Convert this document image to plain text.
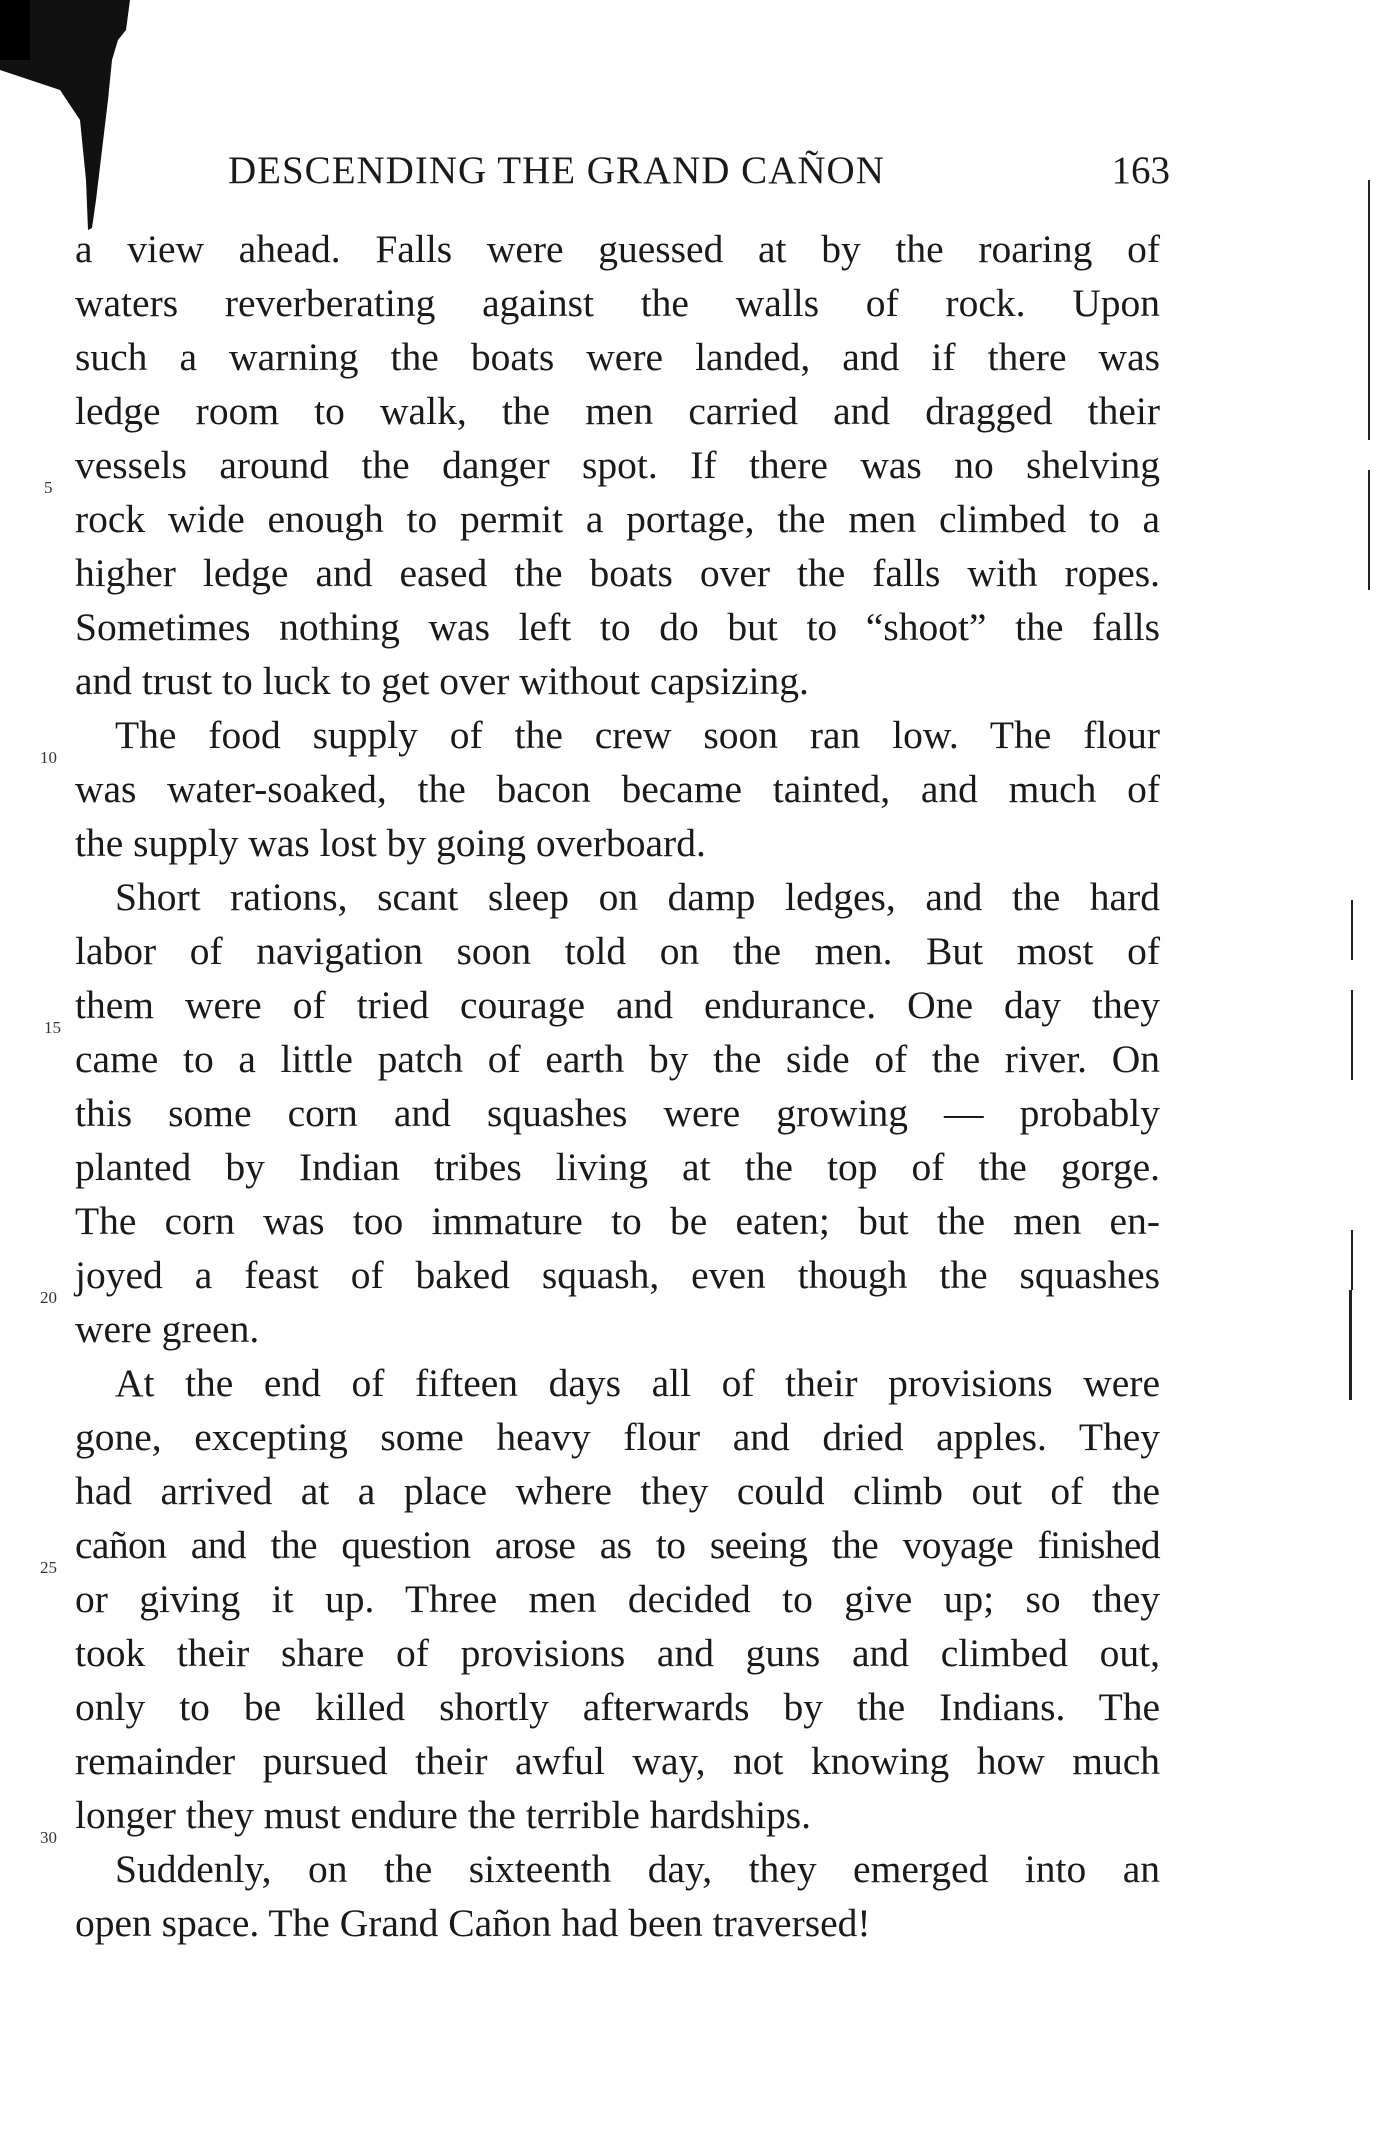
DESCENDING THE GRAND CAÑON	163
5
10
15
20
25
30
a view ahead. Falls were guessed at by the roaring of
waters reverberating against the walls of rock. Upon
such a warning the boats were landed, and if there was
ledge room to walk, the men carried and dragged their
vessels around the danger spot. If there was no shelving
rock wide enough to permit a portage, the men climbed to a
higher ledge and eased the boats over the falls with ropes.
Sometimes nothing was left to do but to “shoot” the falls
and trust to luck to get over without capsizing.
The food supply of the crew soon ran low. The flour
was water-soaked, the bacon became tainted, and much of
the supply was lost by going overboard.
Short rations, scant sleep on damp ledges, and the hard
labor of navigation soon told on the men. But most of
them were of tried courage and endurance. One day they
came to a little patch of earth by the side of the river. On
this some corn and squashes were growing — probably
planted by Indian tribes living at the top of the gorge.
The corn was too immature to be eaten; but the men en-
joyed a feast of baked squash, even though the squashes
were green.
At the end of fifteen days all of their provisions were
gone, excepting some heavy flour and dried apples. They
had arrived at a place where they could climb out of the
cañon and the question arose as to seeing the voyage finished
or giving it up. Three men decided to give up; so they
took their share of provisions and guns and climbed out,
only to be killed shortly afterwards by the Indians. The
remainder pursued their awful way, not knowing how much
longer they must endure the terrible hardships.
Suddenly, on the sixteenth day, they emerged into an
open space. The Grand Cañon had been traversed!
